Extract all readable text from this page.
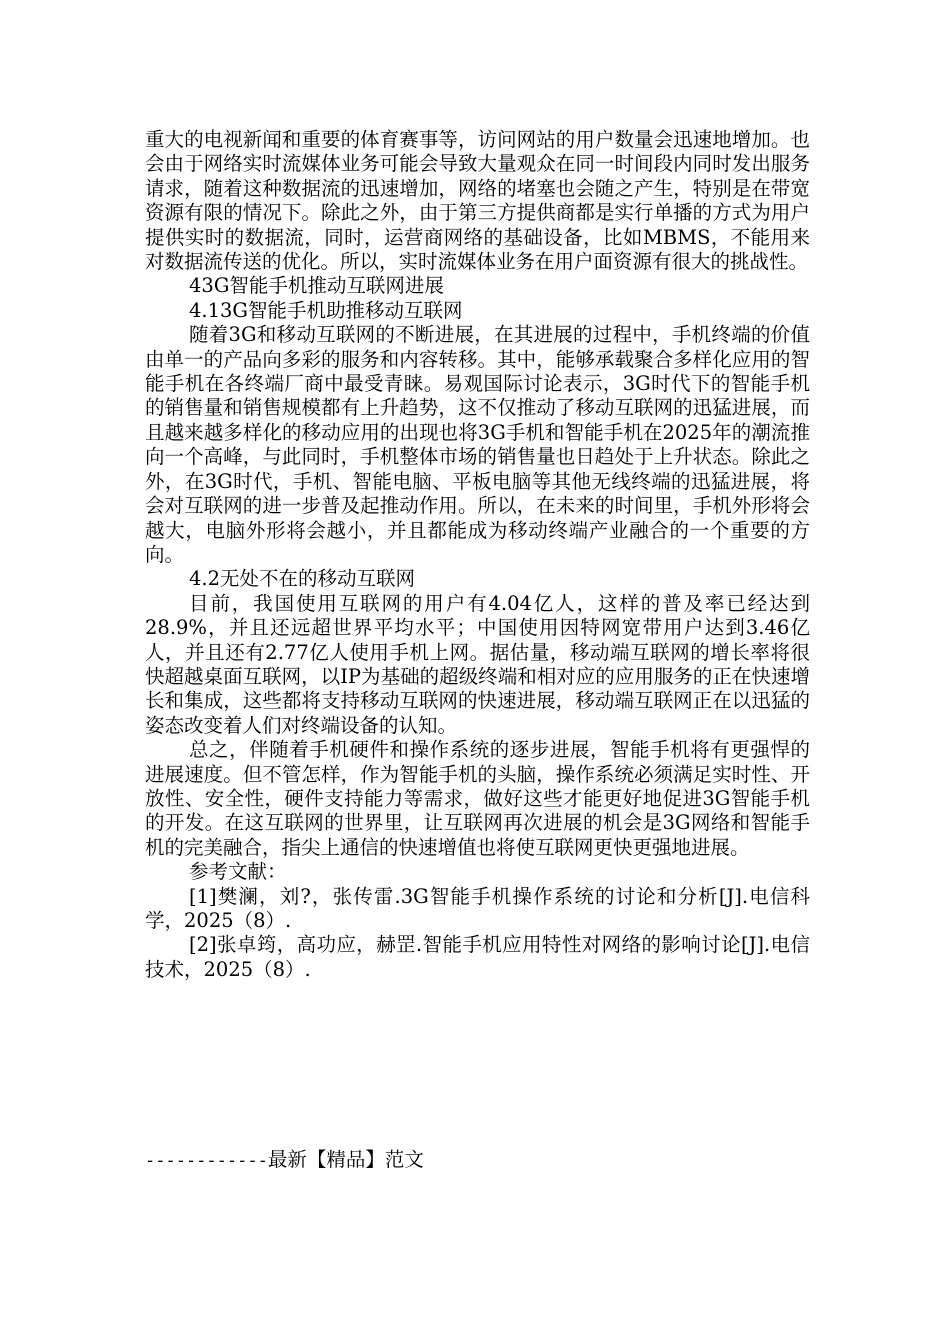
重大的电视新闻和重要的体育赛事等，访问网站的用户数量会迅速地增加。也会由于网络实时流媒体业务可能会导致大量观众在同一时间段内同时发出服务请求，随着这种数据流的迅速增加，网络的堵塞也会随之产生，特别是在带宽资源有限的情况下。除此之外，由于第三方提供商都是实行单播的方式为用户提供实时的数据流，同时，运营商网络的基础设备，比如MBMS，不能用来对数据流传送的优化。所以，实时流媒体业务在用户面资源有很大的挑战性。

43G智能手机推动互联网进展

4.13G智能手机助推移动互联网

随着3G和移动互联网的不断进展，在其进展的过程中，手机终端的价值由单一的产品向多彩的服务和内容转移。其中，能够承载聚合多样化应用的智能手机在各终端厂商中最受青睐。易观国际讨论表示，3G时代下的智能手机的销售量和销售规模都有上升趋势，这不仅推动了移动互联网的迅猛进展，而且越来越多样化的移动应用的出现也将3G手机和智能手机在2025年的潮流推向一个高峰，与此同时，手机整体市场的销售量也日趋处于上升状态。除此之外，在3G时代，手机、智能电脑、平板电脑等其他无线终端的迅猛进展，将会对互联网的进一步普及起推动作用。所以，在未来的时间里，手机外形将会越大，电脑外形将会越小，并且都能成为移动终端产业融合的一个重要的方向。

4.2无处不在的移动互联网

目前，我国使用互联网的用户有4.04亿人，这样的普及率已经达到28.9%，并且还远超世界平均水平；中国使用因特网宽带用户达到3.46亿人，并且还有2.77亿人使用手机上网。据估量，移动端互联网的增长率将很快超越桌面互联网，以IP为基础的超级终端和相对应的应用服务的正在快速增长和集成，这些都将支持移动互联网的快速进展，移动端互联网正在以迅猛的姿态改变着人们对终端设备的认知。

总之，伴随着手机硬件和操作系统的逐步进展，智能手机将有更强悍的进展速度。但不管怎样，作为智能手机的头脑，操作系统必须满足实时性、开放性、安全性，硬件支持能力等需求，做好这些才能更好地促进3G智能手机的开发。在这互联网的世界里，让互联网再次进展的机会是3G网络和智能手机的完美融合，指尖上通信的快速增值也将使互联网更快更强地进展。

参考文献：

[1]樊澜，刘?，张传雷.3G智能手机操作系统的讨论和分析[J].电信科学，2025（8）.

[2]张卓筠，高功应，赫罡.智能手机应用特性对网络的影响讨论[J].电信技术，2025（8）.

------------最新【精品】范文
